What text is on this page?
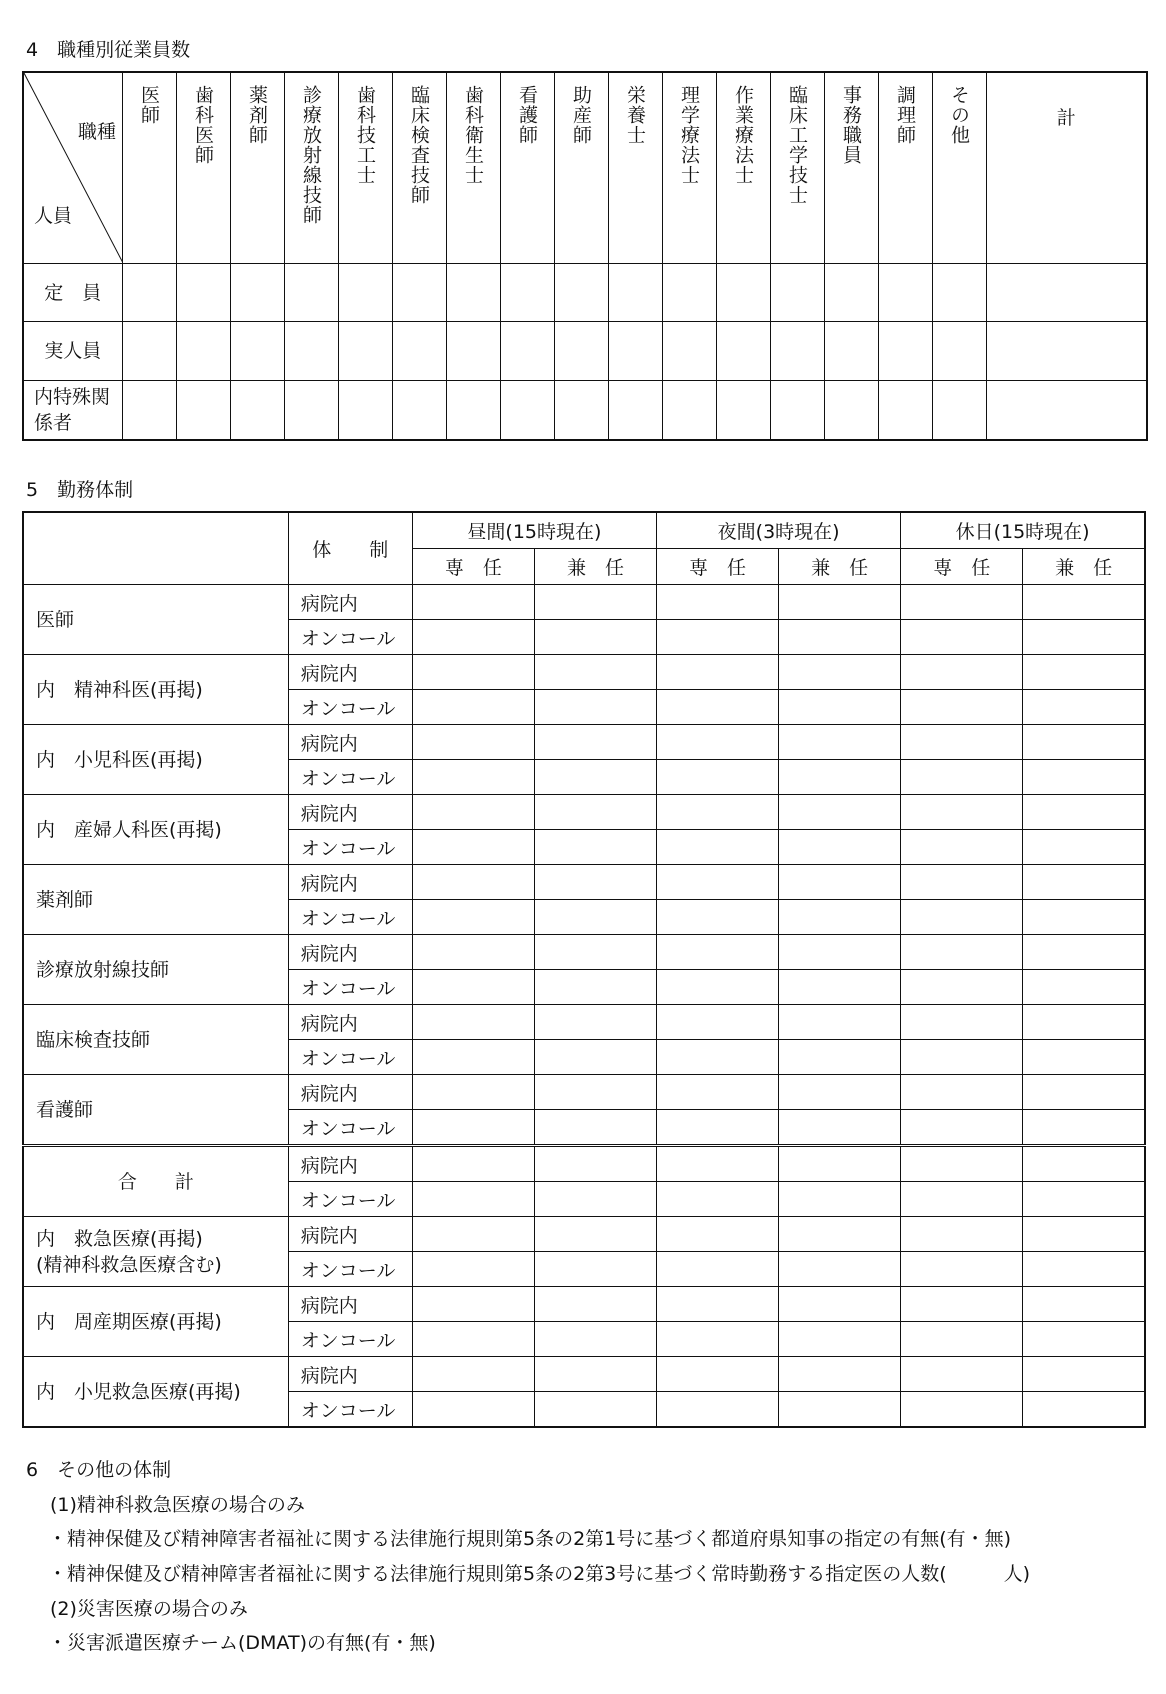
4　職種別従業員数
職種
人員	医師	歯科医師	薬剤師	診療放射線技師	歯科技工士	臨床検査技師	歯科衛生士	看護師	助産師	栄養士	理学療法士	作業療法士	臨床工学技士	事務職員	調理師	その他	計
定　員																	
実人員																	
内特殊関係者																	
5　勤務体制
	体　　制	昼間(15時現在)		夜間(3時現在)		休日(15時現在)	
		専　任	兼　任	専　任	兼　任	専　任	兼　任
医師	病院内						
	オンコール						
内　精神科医(再掲)	病院内						
	オンコール						
内　小児科医(再掲)	病院内						
	オンコール						
内　産婦人科医(再掲)	病院内						
	オンコール						
薬剤師	病院内						
	オンコール						
診療放射線技師	病院内						
	オンコール						
臨床検査技師	病院内						
	オンコール						
看護師	病院内						
	オンコール						
合　　計	病院内						
	オンコール						
内　救急医療(再掲)
(精神科救急医療含む)	病院内						
	オンコール						
内　周産期医療(再掲)	病院内						
	オンコール						
内　小児救急医療(再掲)	病院内						
	オンコール						
6　その他の体制
(1)精神科救急医療の場合のみ
・精神保健及び精神障害者福祉に関する法律施行規則第5条の2第1号に基づく都道府県知事の指定の有無(有・無)
・精神保健及び精神障害者福祉に関する法律施行規則第5条の2第3号に基づく常時勤務する指定医の人数(　　　人)
(2)災害医療の場合のみ
・災害派遣医療チーム(DMAT)の有無(有・無)
